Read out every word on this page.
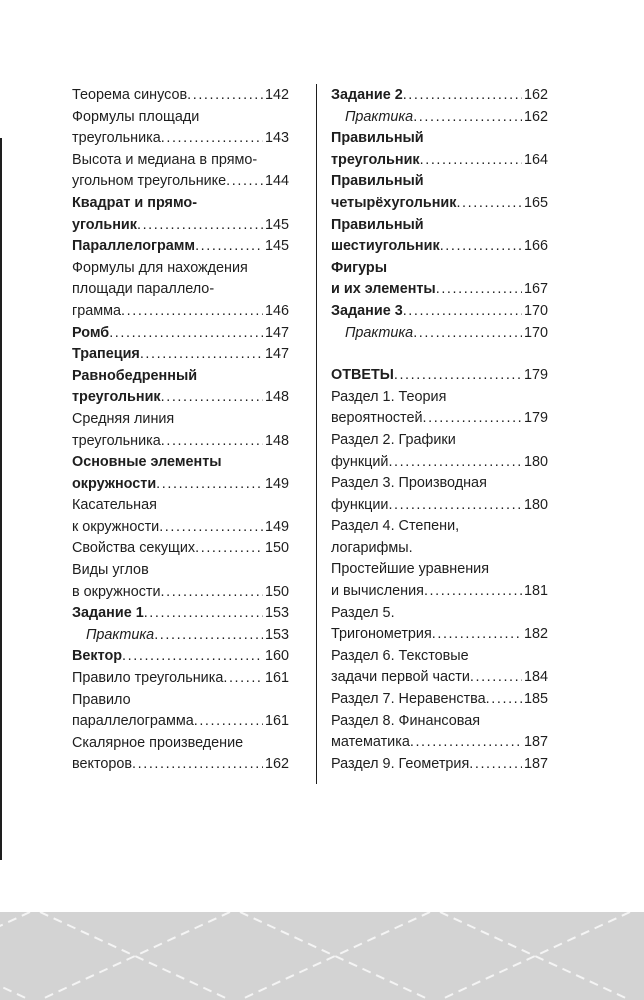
Теорема синусов .....	142
Формулы площади
треугольника .....	143
Высота и медиана в прямо-
угольном треугольнике .....	144
Квадрат и прямо-
угольник .....	145
Параллелограмм .....	145
Формулы для нахождения
площади параллело-
грамма .....	146
Ромб .....	147
Трапеция .....	147
Равнобедренный
треугольник .....	148
Средняя линия
треугольника .....	148
Основные элементы
окружности .....	149
Касательная
к окружности .....	149
Свойства секущих .....	150
Виды углов
в окружности .....	150
Задание 1 .....	153
Практика .....	153
Вектор .....	160
Правило треугольника .....	161
Правило
параллелограмма .....	161
Скалярное произведение
векторов .....	162
Задание 2 .....	162
Практика .....	162
Правильный
треугольник .....	164
Правильный
четырёхугольник .....	165
Правильный
шестиугольник .....	166
Фигуры
и их элементы .....	167
Задание 3 .....	170
Практика .....	170
ОТВЕТЫ .....	179
Раздел 1. Теория
вероятностей .....	179
Раздел 2. Графики
функций .....	180
Раздел 3. Производная
функции .....	180
Раздел 4. Степени,
логарифмы.
Простейшие уравнения
и вычисления .....	181
Раздел 5.
Тригонометрия .....	182
Раздел 6. Текстовые
задачи первой части .....	184
Раздел 7. Неравенства .....	185
Раздел 8. Финансовая
математика .....	187
Раздел 9. Геометрия .....	187
